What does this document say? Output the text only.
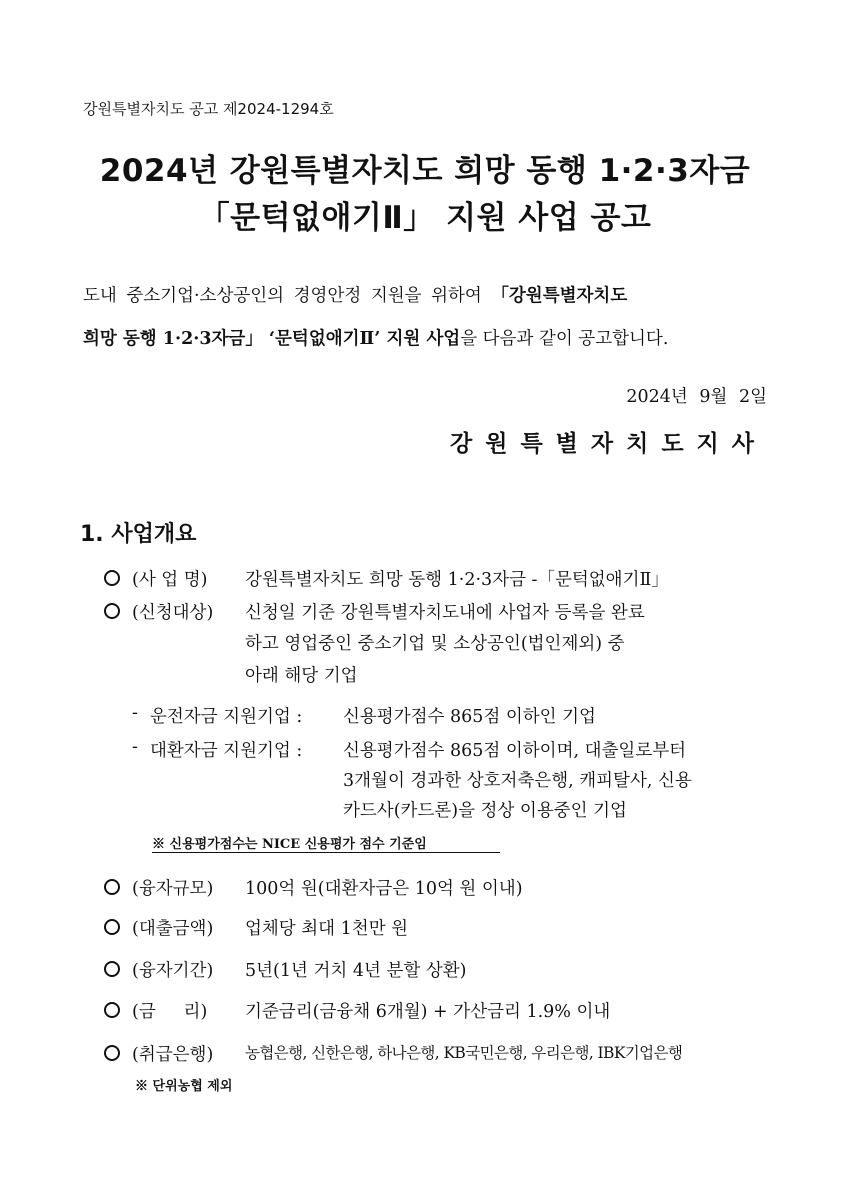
강원특별자치도 공고 제2024-1294호
2024년 강원특별자치도 희망 동행 1·2·3자금
「문턱없애기Ⅱ」 지원 사업 공고
도내 중소기업·소상공인의 경영안정 지원을 위하여 「강원특별자치도
희망 동행 1·2·3자금」 ‘문턱없애기Ⅱ’ 지원 사업을 다음과 같이 공고합니다.
2024년 9월 2일
강원특별자치도지사
1. 사업개요
(사 업 명) 강원특별자치도 희망 동행 1·2·3자금 -「문턱없애기Ⅱ」
(신청대상) 신청일 기준 강원특별자치도내에 사업자 등록을 완료
하고 영업중인 중소기업 및 소상공인(법인제외) 중
아래 해당 기업
- 운전자금 지원기업 : 신용평가점수 865점 이하인 기업
- 대환자금 지원기업 : 신용평가점수 865점 이하이며, 대출일로부터
3개월이 경과한 상호저축은행, 캐피탈사, 신용
카드사(카드론)을 정상 이용중인 기업
※ 신용평가점수는 NICE 신용평가 점수 기준임
(융자규모) 100억 원(대환자금은 10억 원 이내)
(대출금액) 업체당 최대 1천만 원
(융자기간) 5년(1년 거치 4년 분할 상환)
(금     리) 기준금리(금융채 6개월) + 가산금리 1.9% 이내
(취급은행) 농협은행, 신한은행, 하나은행, KB국민은행, 우리은행, IBK기업은행
※ 단위농협 제외
